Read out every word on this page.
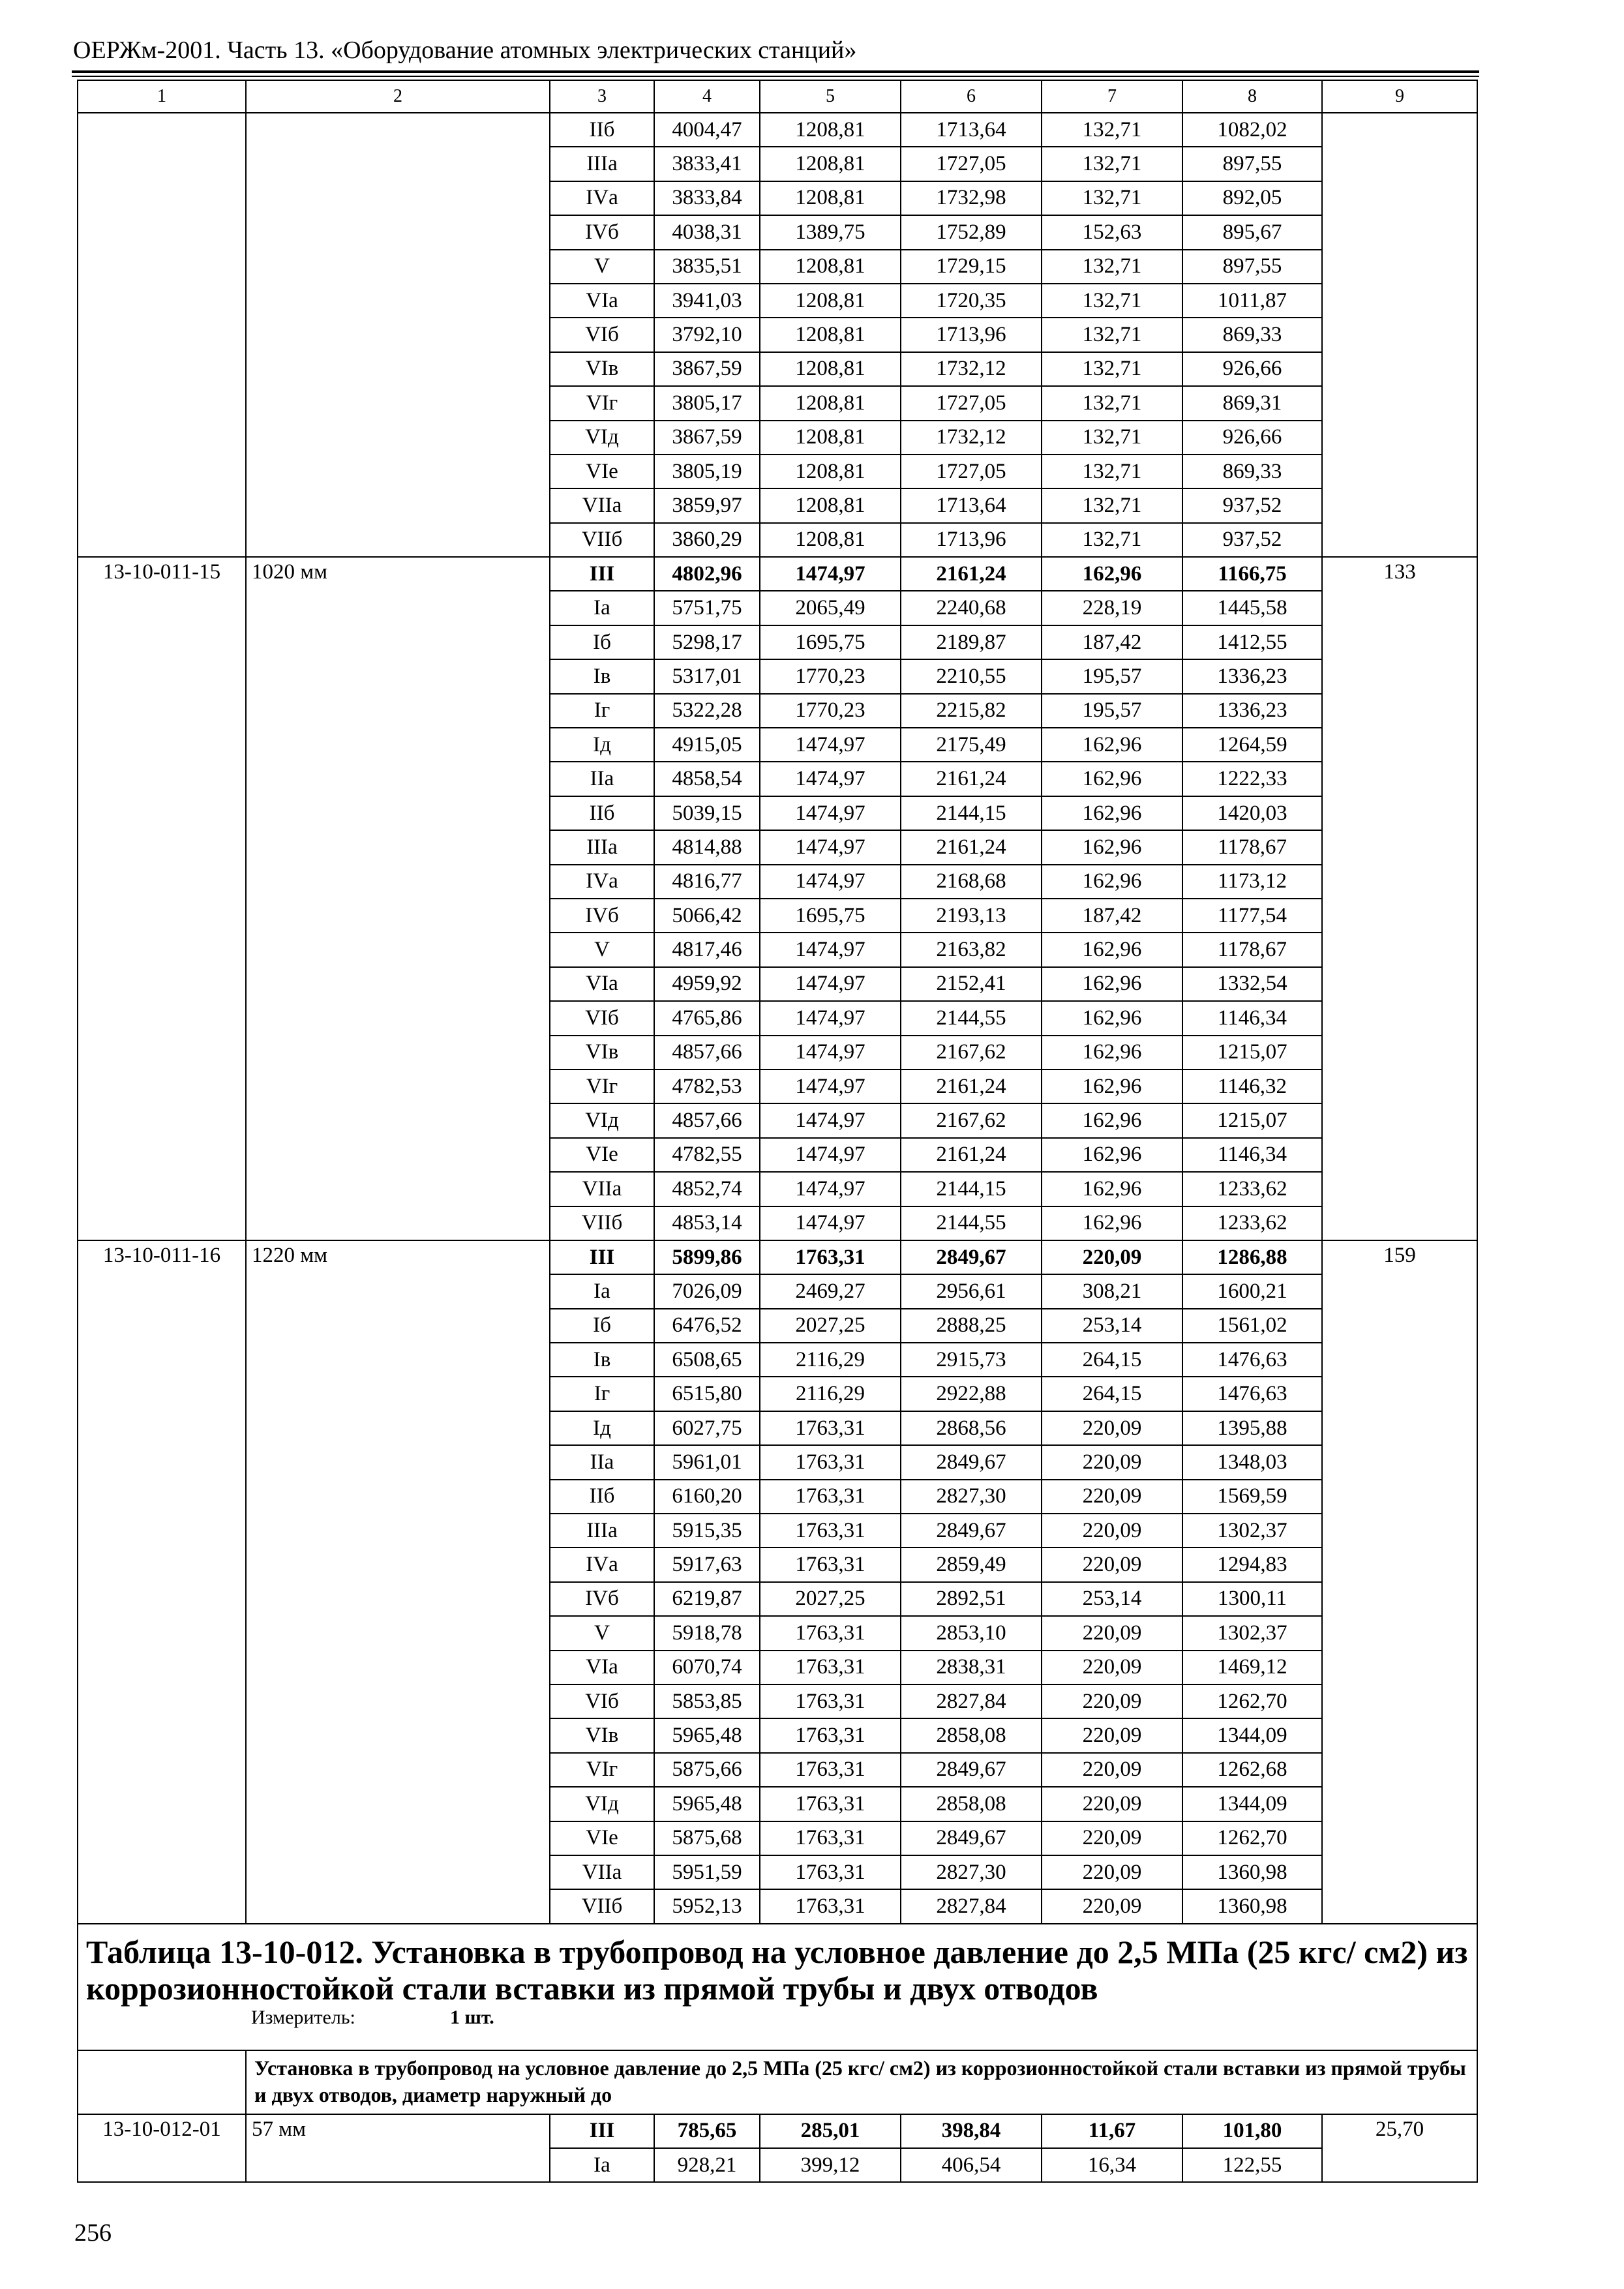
ОЕРЖм-2001. Часть 13. «Оборудование атомных электрических станций»
1	2	3	4	5	6	7	8	9
		IIб	4004,47	1208,81	1713,64	132,71	1082,02	
		IIIа	3833,41	1208,81	1727,05	132,71	897,55	
		IVа	3833,84	1208,81	1732,98	132,71	892,05	
		IVб	4038,31	1389,75	1752,89	152,63	895,67	
		V	3835,51	1208,81	1729,15	132,71	897,55	
		VIа	3941,03	1208,81	1720,35	132,71	1011,87	
		VIб	3792,10	1208,81	1713,96	132,71	869,33	
		VIв	3867,59	1208,81	1732,12	132,71	926,66	
		VIг	3805,17	1208,81	1727,05	132,71	869,31	
		VIд	3867,59	1208,81	1732,12	132,71	926,66	
		VIе	3805,19	1208,81	1727,05	132,71	869,33	
		VIIа	3859,97	1208,81	1713,64	132,71	937,52	
		VIIб	3860,29	1208,81	1713,96	132,71	937,52	
13-10-011-15	1020 мм	III	4802,96	1474,97	2161,24	162,96	1166,75	133
		Iа	5751,75	2065,49	2240,68	228,19	1445,58	
		Iб	5298,17	1695,75	2189,87	187,42	1412,55	
		Iв	5317,01	1770,23	2210,55	195,57	1336,23	
		Iг	5322,28	1770,23	2215,82	195,57	1336,23	
		Iд	4915,05	1474,97	2175,49	162,96	1264,59	
		IIа	4858,54	1474,97	2161,24	162,96	1222,33	
		IIб	5039,15	1474,97	2144,15	162,96	1420,03	
		IIIа	4814,88	1474,97	2161,24	162,96	1178,67	
		IVа	4816,77	1474,97	2168,68	162,96	1173,12	
		IVб	5066,42	1695,75	2193,13	187,42	1177,54	
		V	4817,46	1474,97	2163,82	162,96	1178,67	
		VIа	4959,92	1474,97	2152,41	162,96	1332,54	
		VIб	4765,86	1474,97	2144,55	162,96	1146,34	
		VIв	4857,66	1474,97	2167,62	162,96	1215,07	
		VIг	4782,53	1474,97	2161,24	162,96	1146,32	
		VIд	4857,66	1474,97	2167,62	162,96	1215,07	
		VIе	4782,55	1474,97	2161,24	162,96	1146,34	
		VIIа	4852,74	1474,97	2144,15	162,96	1233,62	
		VIIб	4853,14	1474,97	2144,55	162,96	1233,62	
13-10-011-16	1220 мм	III	5899,86	1763,31	2849,67	220,09	1286,88	159
		Iа	7026,09	2469,27	2956,61	308,21	1600,21	
		Iб	6476,52	2027,25	2888,25	253,14	1561,02	
		Iв	6508,65	2116,29	2915,73	264,15	1476,63	
		Iг	6515,80	2116,29	2922,88	264,15	1476,63	
		Iд	6027,75	1763,31	2868,56	220,09	1395,88	
		IIа	5961,01	1763,31	2849,67	220,09	1348,03	
		IIб	6160,20	1763,31	2827,30	220,09	1569,59	
		IIIа	5915,35	1763,31	2849,67	220,09	1302,37	
		IVа	5917,63	1763,31	2859,49	220,09	1294,83	
		IVб	6219,87	2027,25	2892,51	253,14	1300,11	
		V	5918,78	1763,31	2853,10	220,09	1302,37	
		VIа	6070,74	1763,31	2838,31	220,09	1469,12	
		VIб	5853,85	1763,31	2827,84	220,09	1262,70	
		VIв	5965,48	1763,31	2858,08	220,09	1344,09	
		VIг	5875,66	1763,31	2849,67	220,09	1262,68	
		VIд	5965,48	1763,31	2858,08	220,09	1344,09	
		VIе	5875,68	1763,31	2849,67	220,09	1262,70	
		VIIа	5951,59	1763,31	2827,30	220,09	1360,98	
		VIIб	5952,13	1763,31	2827,84	220,09	1360,98	

Таблица 13-10-012. Установка в трубопровод на условное давление до 2,5 МПа (25 кгс/ см2) из коррозионностойкой стали вставки из прямой трубы и двух отводов
Измеритель: 1 шт.								

	Установка в трубопровод на условное давление до 2,5 МПа (25 кгс/ см2) из коррозионностойкой стали вставки из прямой трубы и двух отводов, диаметр наружный до							
13-10-012-01	57 мм	III	785,65	285,01	398,84	11,67	101,80	25,70
		Iа	928,21	399,12	406,54	16,34	122,55	
256
